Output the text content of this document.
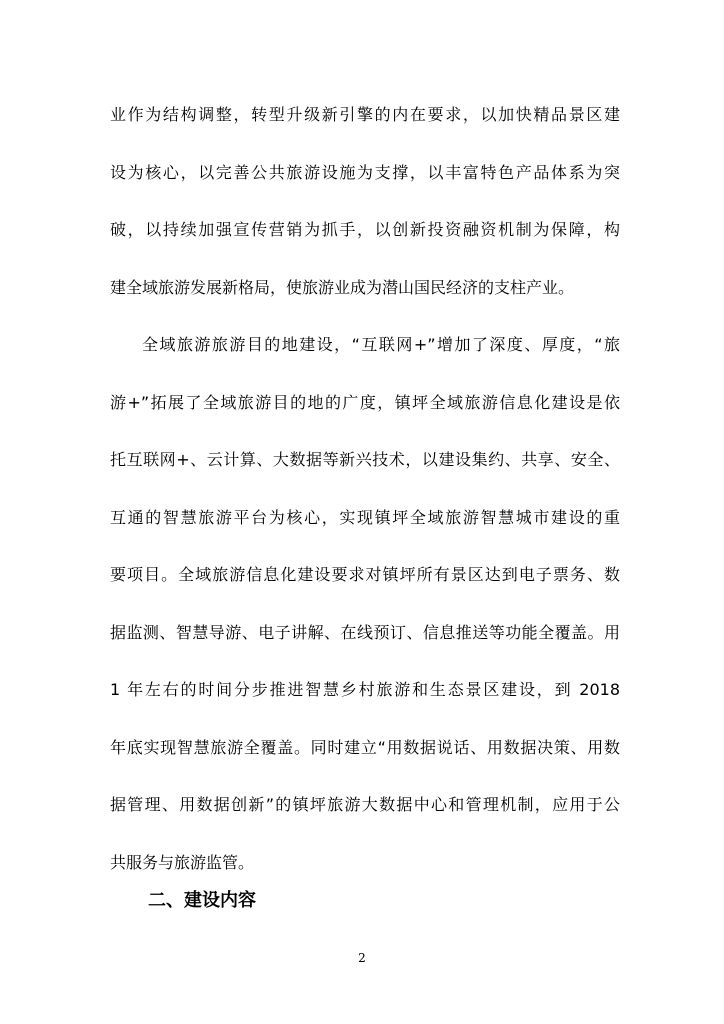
业作为结构调整，转型升级新引擎的内在要求，以加快精品景区建
设为核心，以完善公共旅游设施为支撑，以丰富特色产品体系为突
破，以持续加强宣传营销为抓手，以创新投资融资机制为保障，构
建全域旅游发展新格局，使旅游业成为潜山国民经济的支柱产业。
全域旅游旅游目的地建设，“互联网+”增加了深度、厚度，“旅
游+”拓展了全域旅游目的地的广度，镇坪全域旅游信息化建设是依
托互联网+、云计算、大数据等新兴技术，以建设集约、共享、安全、
互通的智慧旅游平台为核心，实现镇坪全域旅游智慧城市建设的重
要项目。全域旅游信息化建设要求对镇坪所有景区达到电子票务、数
据监测、智慧导游、电子讲解、在线预订、信息推送等功能全覆盖。用
1 年左右的时间分步推进智慧乡村旅游和生态景区建设，到 2018
年底实现智慧旅游全覆盖。同时建立“用数据说话、用数据决策、用数
据管理、用数据创新”的镇坪旅游大数据中心和管理机制，应用于公
共服务与旅游监管。
二、建设内容
2
